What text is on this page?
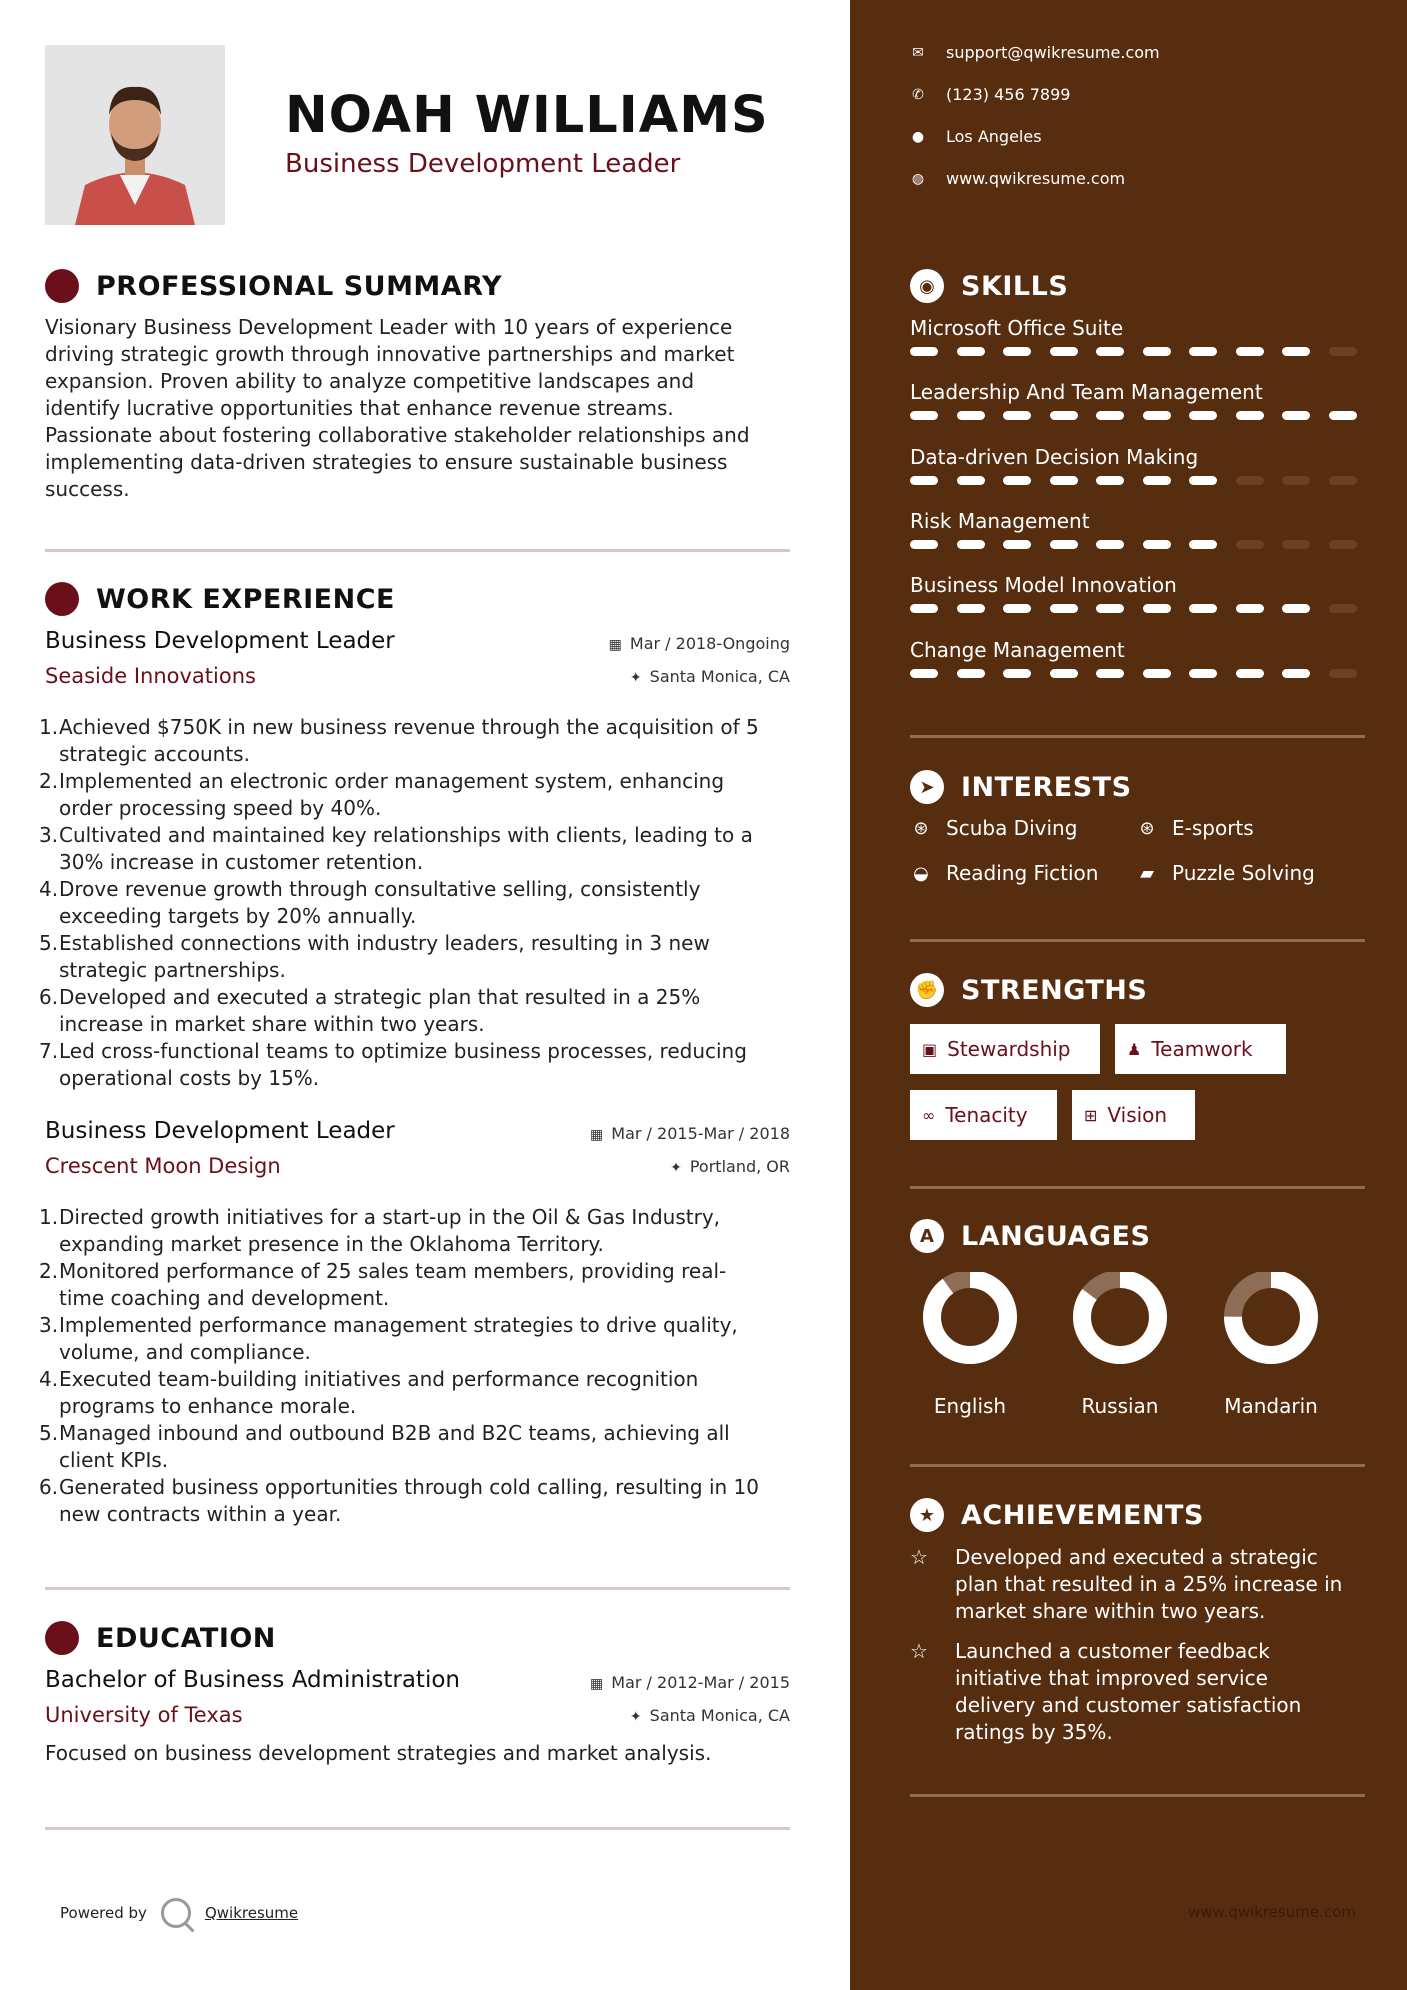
NOAH WILLIAMS
Business Development Leader
PROFESSIONAL SUMMARY
Visionary Business Development Leader with 10 years of experience
driving strategic growth through innovative partnerships and market
expansion. Proven ability to analyze competitive landscapes and
identify lucrative opportunities that enhance revenue streams.
Passionate about fostering collaborative stakeholder relationships and
implementing data-driven strategies to ensure sustainable business
success.
WORK EXPERIENCE
Business Development Leader
Seaside Innovations
▦ Mar / 2018-Ongoing
✦ Santa Monica, CA
1. Achieved $750K in new business revenue through the acquisition of 5
strategic accounts.
2. Implemented an electronic order management system, enhancing
order processing speed by 40%.
3. Cultivated and maintained key relationships with clients, leading to a
30% increase in customer retention.
4. Drove revenue growth through consultative selling, consistently
exceeding targets by 20% annually.
5. Established connections with industry leaders, resulting in 3 new
strategic partnerships.
6. Developed and executed a strategic plan that resulted in a 25%
increase in market share within two years.
7. Led cross-functional teams to optimize business processes, reducing
operational costs by 15%.
Business Development Leader
Crescent Moon Design
▦ Mar / 2015-Mar / 2018
✦ Portland, OR
1. Directed growth initiatives for a start-up in the Oil & Gas Industry,
expanding market presence in the Oklahoma Territory.
2. Monitored performance of 25 sales team members, providing real-
time coaching and development.
3. Implemented performance management strategies to drive quality,
volume, and compliance.
4. Executed team-building initiatives and performance recognition
programs to enhance morale.
5. Managed inbound and outbound B2B and B2C teams, achieving all
client KPIs.
6. Generated business opportunities through cold calling, resulting in 10
new contracts within a year.
EDUCATION
Bachelor of Business Administration
University of Texas
▦ Mar / 2012-Mar / 2015
✦ Santa Monica, CA
Focused on business development strategies and market analysis.
Powered by	Qwikresume
✉ support@qwikresume.com
✆ (123) 456 7899
● Los Angeles
◍ www.qwikresume.com
◉ SKILLS
Microsoft Office Suite
Leadership And Team Management
Data-driven Decision Making
Risk Management
Business Model Innovation
Change Management
➤ INTERESTS
⊛ Scuba Diving	⊛ E-sports
◒ Reading Fiction ▰ Puzzle Solving
✊ STRENGTHS
▣ Stewardship	♟ Teamwork
∞ Tenacity	⊞ Vision
A	LANGUAGES
English	Russian	Mandarin
★ ACHIEVEMENTS
☆	Developed and executed a strategic
plan that resulted in a 25% increase in
market share within two years.
☆	Launched a customer feedback
initiative that improved service
delivery and customer satisfaction
ratings by 35%.
www.qwikresume.com
